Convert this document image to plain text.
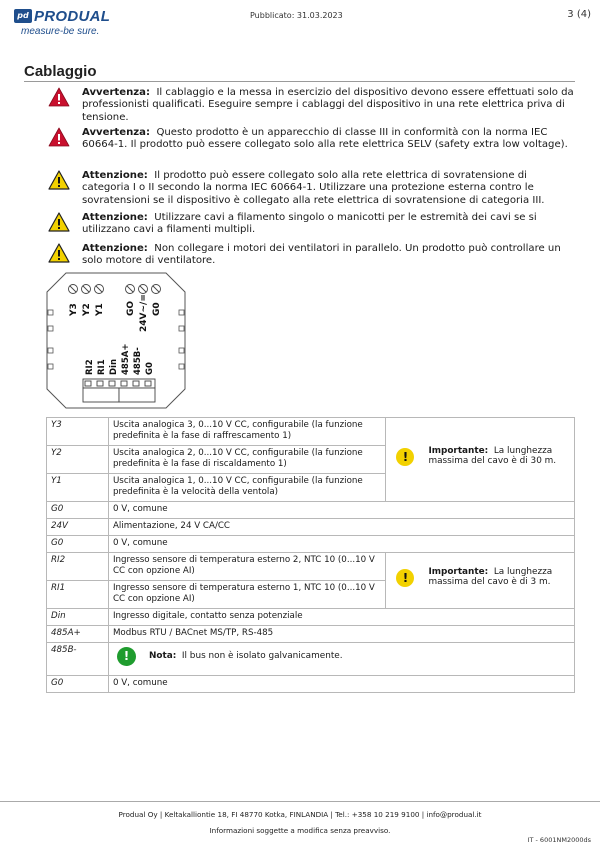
pd PRODUAL
measure-be sure.
Pubblicato: 31.03.2023	3 (4)
Cablaggio
Avvertenza: Il cablaggio e la messa in esercizio del dispositivo devono essere effettuati solo da professionisti qualificati. Eseguire sempre i cablaggi del dispositivo in una rete elettrica priva di tensione.
Avvertenza: Questo prodotto è un apparecchio di classe III in conformità con la norma IEC 60664-1. Il prodotto può essere collegato solo alla rete elettrica SELV (safety extra low voltage).
Attenzione: Il prodotto può essere collegato solo alla rete elettrica di sovratensione di categoria I o II secondo la norma IEC 60664-1. Utilizzare una protezione esterna contro le sovratensioni se il dispositivo è collegato alla rete elettrica di sovratensione di categoria III.
Attenzione: Utilizzare cavi a filamento singolo o manicotti per le estremità dei cavi se si utilizzano cavi a filamenti multipli.
Attenzione: Non collegare i motori dei ventilatori in parallelo. Un prodotto può controllare un solo motore di ventilatore.
Y3 Y2 Y1 GO 24V~/= G0
RI2 RI1 Din 485A+ 485B- G0
Y3	Uscita analogica 3, 0...10 V CC, configurabile (la funzione predefinita è la fase di raffrescamento 1)	! Importante: La lunghezza massima del cavo è di 30 m.

Y2	Uscita analogica 2, 0...10 V CC, configurabile (la funzione predefinita è la fase di riscaldamento 1)	
Y1	Uscita analogica 1, 0...10 V CC, configurabile (la funzione predefinita è la velocità della ventola)	
G0	0 V, comune	
24V	Alimentazione, 24 V CA/CC	
G0	0 V, comune	
RI2	Ingresso sensore di temperatura esterno 2, NTC 10 (0...10 V CC con opzione AI)	! Importante: La lunghezza massima del cavo è di 3 m.

RI1	Ingresso sensore di temperatura esterno 1, NTC 10 (0...10 V CC con opzione AI)	
Din	Ingresso digitale, contatto senza potenziale	
485A+	Modbus RTU / BACnet MS/TP, RS-485	
485B-	! Nota: Il bus non è isolato galvanicamente.	

G0	0 V, comune	
Produal Oy | Keltakalliontie 18, FI 48770 Kotka, FINLANDIA | Tel.: +358 10 219 9100 | info@produal.it
Informazioni soggette a modifica senza preavviso.
IT - 6001NM2000ds
